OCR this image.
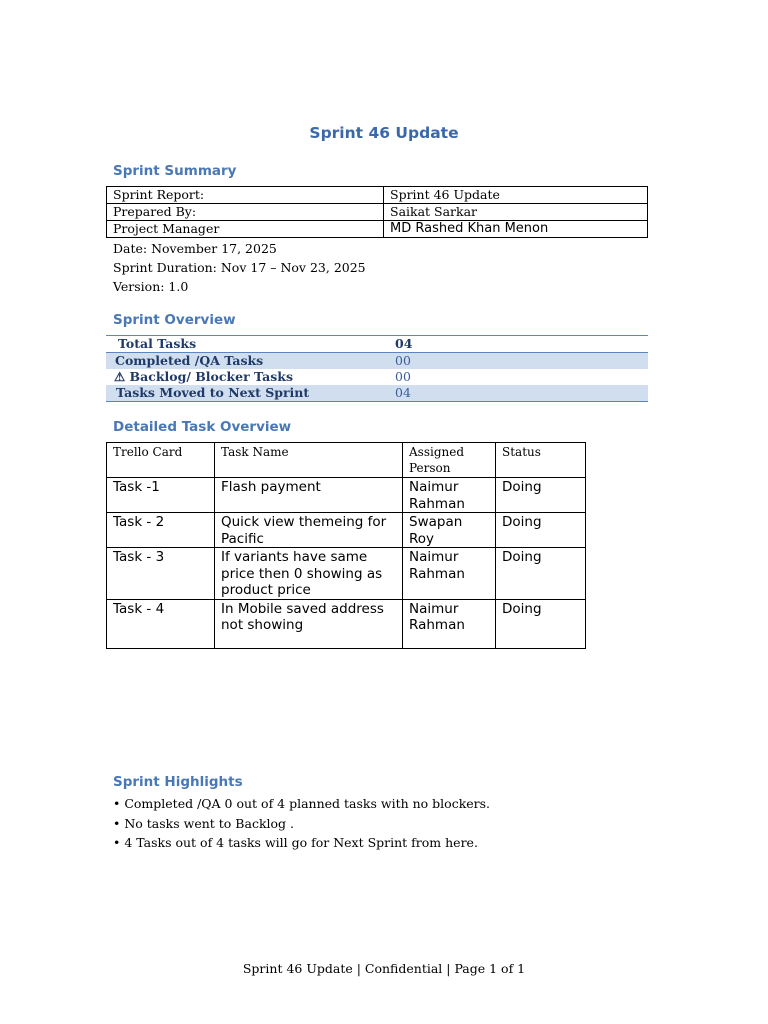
Sprint 46 Update
Sprint Summary
Sprint Report:	Sprint 46 Update
Prepared By:	Saikat Sarkar
Project Manager	MD Rashed Khan Menon
Date: November 17, 2025
Sprint Duration: Nov 17 – Nov 23, 2025
Version: 1.0
Sprint Overview
Total Tasks	04
Completed /QA Tasks	00
⚠ Backlog/ Blocker Tasks	00
Tasks Moved to Next Sprint	04
Detailed Task Overview
Trello Card	Task Name	Assigned Person	Status
Task -1	Flash payment	Naimur Rahman	Doing
Task - 2	Quick view themeing for Pacific	Swapan Roy	Doing
Task - 3	If variants have same price then 0 showing as product price	Naimur Rahman	Doing
Task - 4	In Mobile saved address not showing	Naimur Rahman	Doing
Sprint Highlights
• Completed /QA 0 out of 4 planned tasks with no blockers.
• No tasks went to Backlog .
• 4 Tasks out of 4 tasks will go for Next Sprint from here.
Sprint 46 Update | Confidential | Page 1 of 1
